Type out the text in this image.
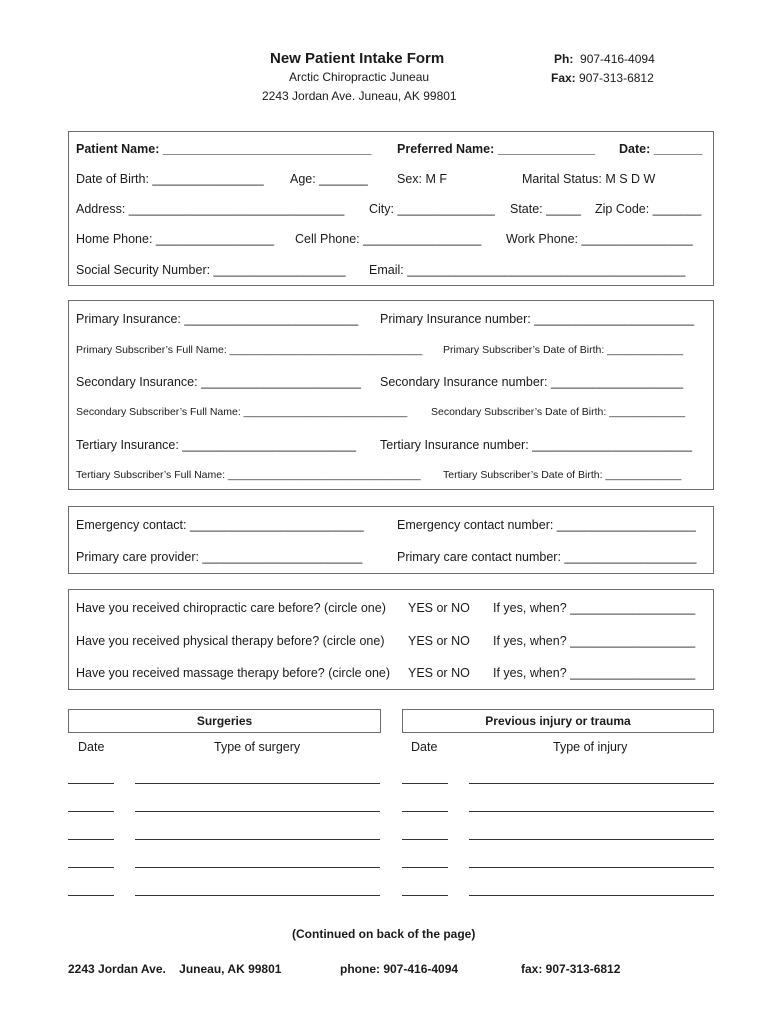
New Patient Intake Form
Arctic Chiropractic Juneau
2243 Jordan Ave. Juneau, AK 99801
Ph: 907-416-4094
Fax: 907-313-6812
Patient Name: ______________________________ Preferred Name: ______________ Date: _______
Date of Birth: ________________ Age: _______ Sex: M F	Marital Status: M S D W
Address: _______________________________ City: ______________ State: _____ Zip Code: _______
Home Phone: _________________ Cell Phone: _________________ Work Phone: ________________
Social Security Number: ___________________ Email: ________________________________________
Primary Insurance: _________________________ Primary Insurance number: _______________________
Primary Subscriber’s Full Name: _________________________________ Primary Subscriber’s Date of Birth: _____________
Secondary Insurance: _______________________ Secondary Insurance number: ___________________
Secondary Subscriber’s Full Name: ____________________________ Secondary Subscriber’s Date of Birth: _____________
Tertiary Insurance: _________________________ Tertiary Insurance number: _______________________
Tertiary Subscriber’s Full Name: _________________________________ Tertiary Subscriber’s Date of Birth: _____________
Emergency contact: _________________________	Emergency contact number: ____________________
Primary care provider: _______________________	Primary care contact number: ___________________
Have you received chiropractic care before? (circle one) YES or NO If yes, when? __________________
Have you received physical therapy before? (circle one) YES or NO If yes, when? __________________
Have you received massage therapy before? (circle one) YES or NO If yes, when? __________________
Surgeries
Date	Type of surgery
Previous injury or trauma
Date	Type of injury
(Continued on back of the page)
2243 Jordan Ave.    Juneau, AK 99801	phone: 907-416-4094	fax: 907-313-6812
